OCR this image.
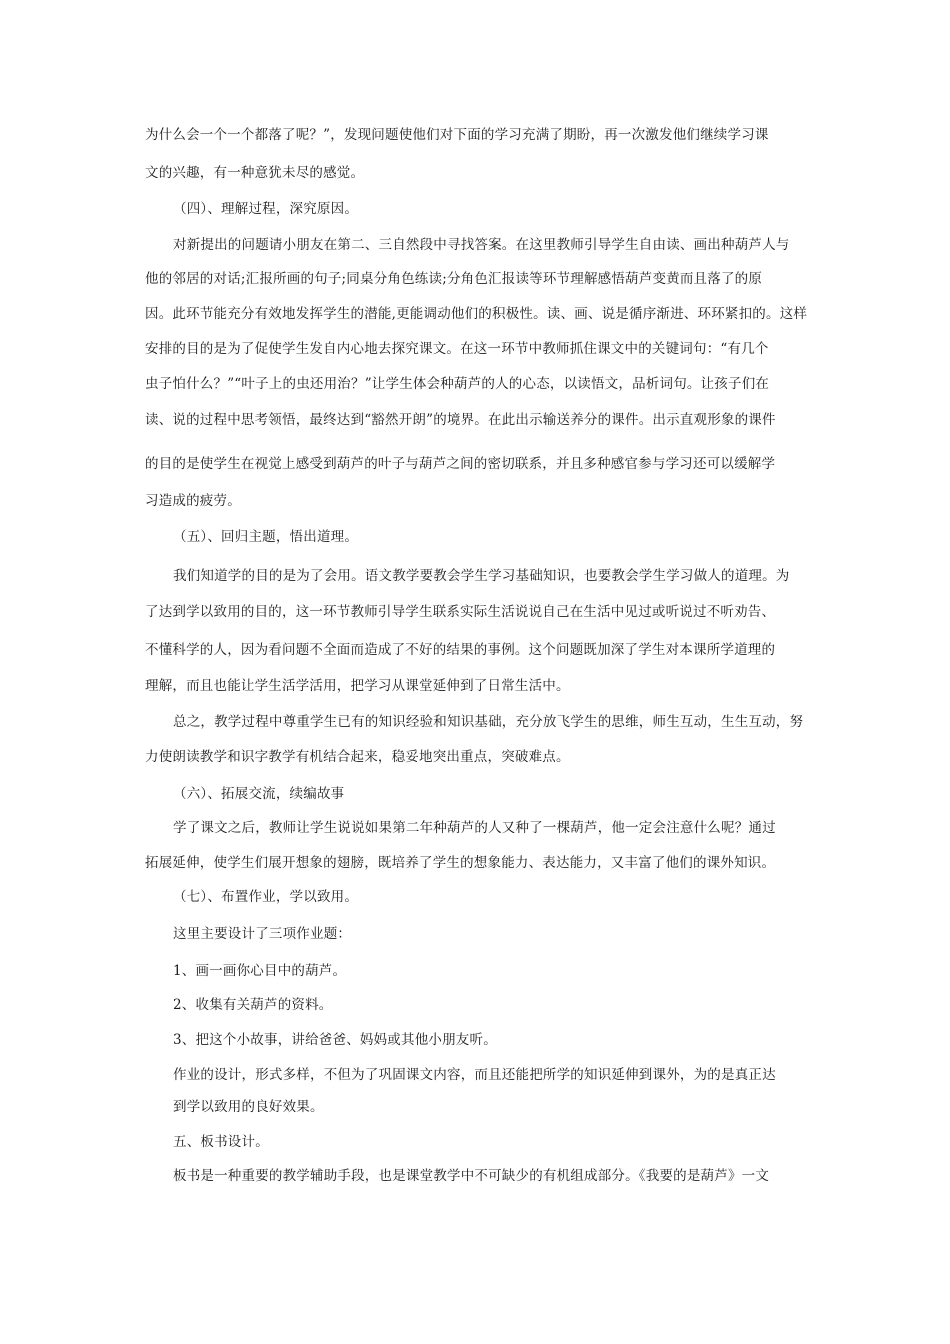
为什么会一个一个都落了呢？”，发现问题使他们对下面的学习充满了期盼，再一次激发他们继续学习课
文的兴趣，有一种意犹未尽的感觉。
（四）、理解过程，深究原因。
对新提出的问题请小朋友在第二、三自然段中寻找答案。在这里教师引导学生自由读、画出种葫芦人与
他的邻居的对话;汇报所画的句子;同桌分角色练读;分角色汇报读等环节理解感悟葫芦变黄而且落了的原
因。此环节能充分有效地发挥学生的潜能,更能调动他们的积极性。读、画、说是循序渐进、环环紧扣的。这样
安排的目的是为了促使学生发自内心地去探究课文。在这一环节中教师抓住课文中的关键词句：“有几个
虫子怕什么？”“叶子上的虫还用治？”让学生体会种葫芦的人的心态，以读悟文，品析词句。让孩子们在
读、说的过程中思考领悟，最终达到“豁然开朗”的境界。在此出示输送养分的课件。出示直观形象的课件
的目的是使学生在视觉上感受到葫芦的叶子与葫芦之间的密切联系，并且多种感官参与学习还可以缓解学
习造成的疲劳。
（五）、回归主题，悟出道理。
我们知道学的目的是为了会用。语文教学要教会学生学习基础知识，也要教会学生学习做人的道理。为
了达到学以致用的目的，这一环节教师引导学生联系实际生活说说自己在生活中见过或听说过不听劝告、
不懂科学的人，因为看问题不全面而造成了不好的结果的事例。这个问题既加深了学生对本课所学道理的
理解，而且也能让学生活学活用，把学习从课堂延伸到了日常生活中。
总之，教学过程中尊重学生已有的知识经验和知识基础，充分放飞学生的思维，师生互动，生生互动，努
力使朗读教学和识字教学有机结合起来，稳妥地突出重点，突破难点。
（六）、拓展交流，续编故事
学了课文之后，教师让学生说说如果第二年种葫芦的人又种了一棵葫芦，他一定会注意什么呢？通过
拓展延伸，使学生们展开想象的翅膀，既培养了学生的想象能力、表达能力，又丰富了他们的课外知识。
（七）、布置作业，学以致用。
这里主要设计了三项作业题：
1、画一画你心目中的葫芦。
2、收集有关葫芦的资料。
3、把这个小故事，讲给爸爸、妈妈或其他小朋友听。
作业的设计，形式多样，不但为了巩固课文内容，而且还能把所学的知识延伸到课外，为的是真正达
到学以致用的良好效果。
五、板书设计。
板书是一种重要的教学辅助手段，也是课堂教学中不可缺少的有机组成部分。《我要的是葫芦》一文
